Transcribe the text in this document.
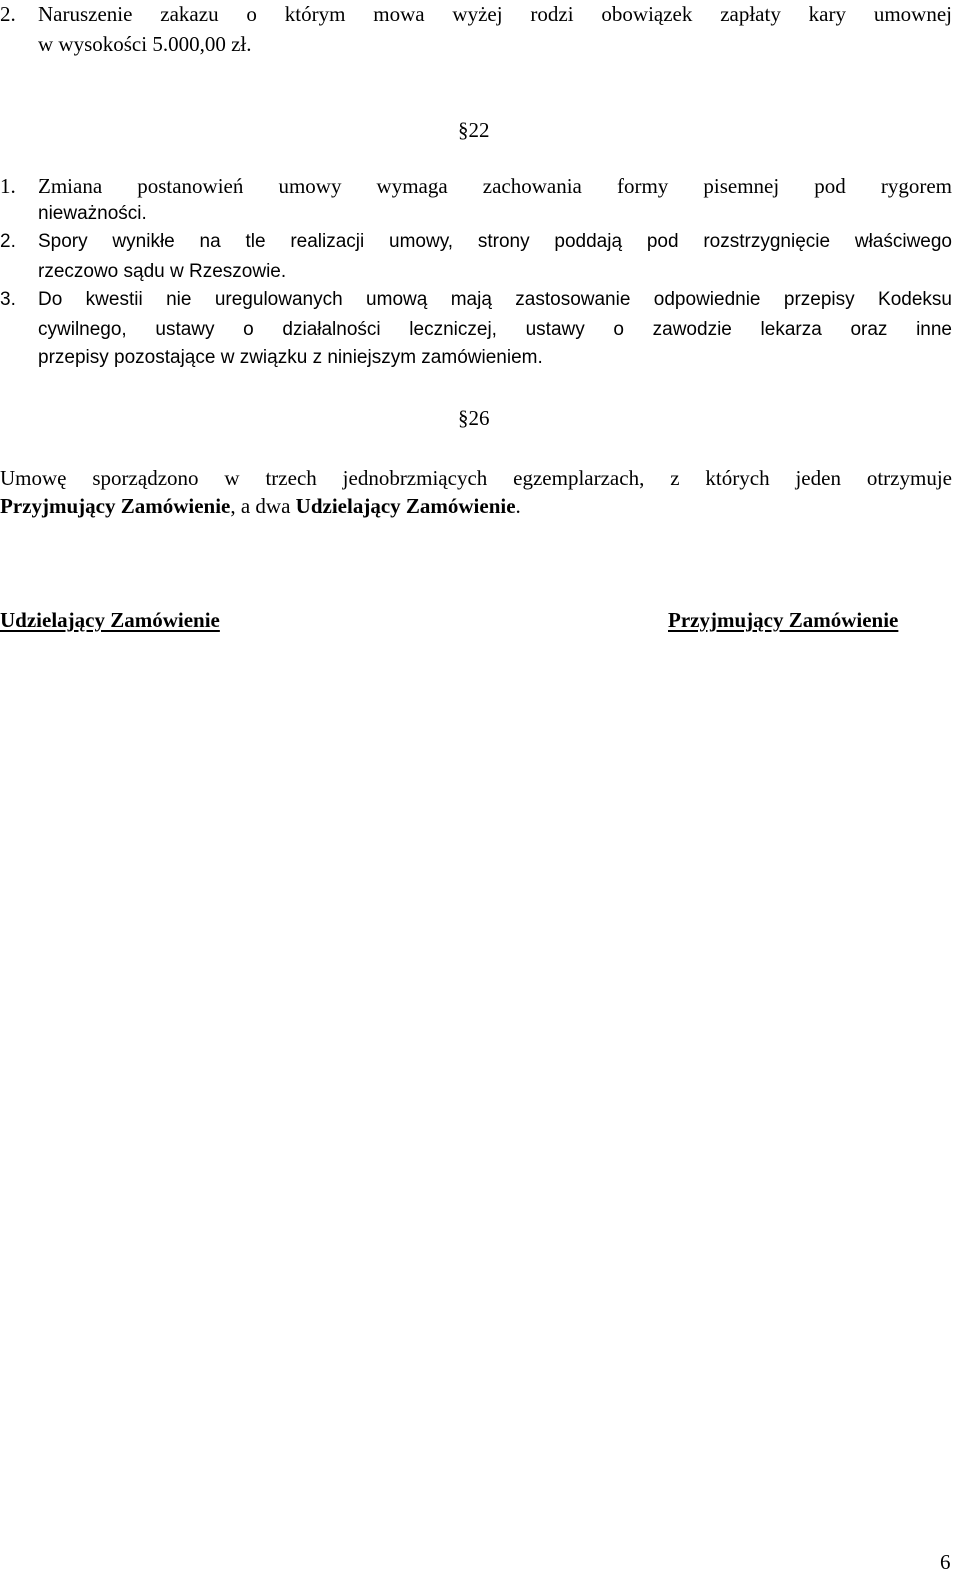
2. Naruszenie zakazu o którym mowa wyżej rodzi obowiązek zapłaty kary umownej
w wysokości 5.000,00 zł.
§22
1. Zmiana postanowień umowy wymaga zachowania formy pisemnej pod rygorem
nieważności.
2. Spory wynikłe na tle realizacji umowy, strony poddają pod rozstrzygnięcie właściwego
rzeczowo sądu w Rzeszowie.
3. Do kwestii nie uregulowanych umową mają zastosowanie odpowiednie przepisy Kodeksu
cywilnego, ustawy o działalności leczniczej, ustawy o zawodzie lekarza oraz inne
przepisy pozostające w związku z niniejszym zamówieniem.
§26
Umowę sporządzono w trzech jednobrzmiących egzemplarzach, z których jeden otrzymuje
Przyjmujący Zamówienie, a dwa Udzielający Zamówienie.
Udzielający Zamówienie	Przyjmujący Zamówienie
6
